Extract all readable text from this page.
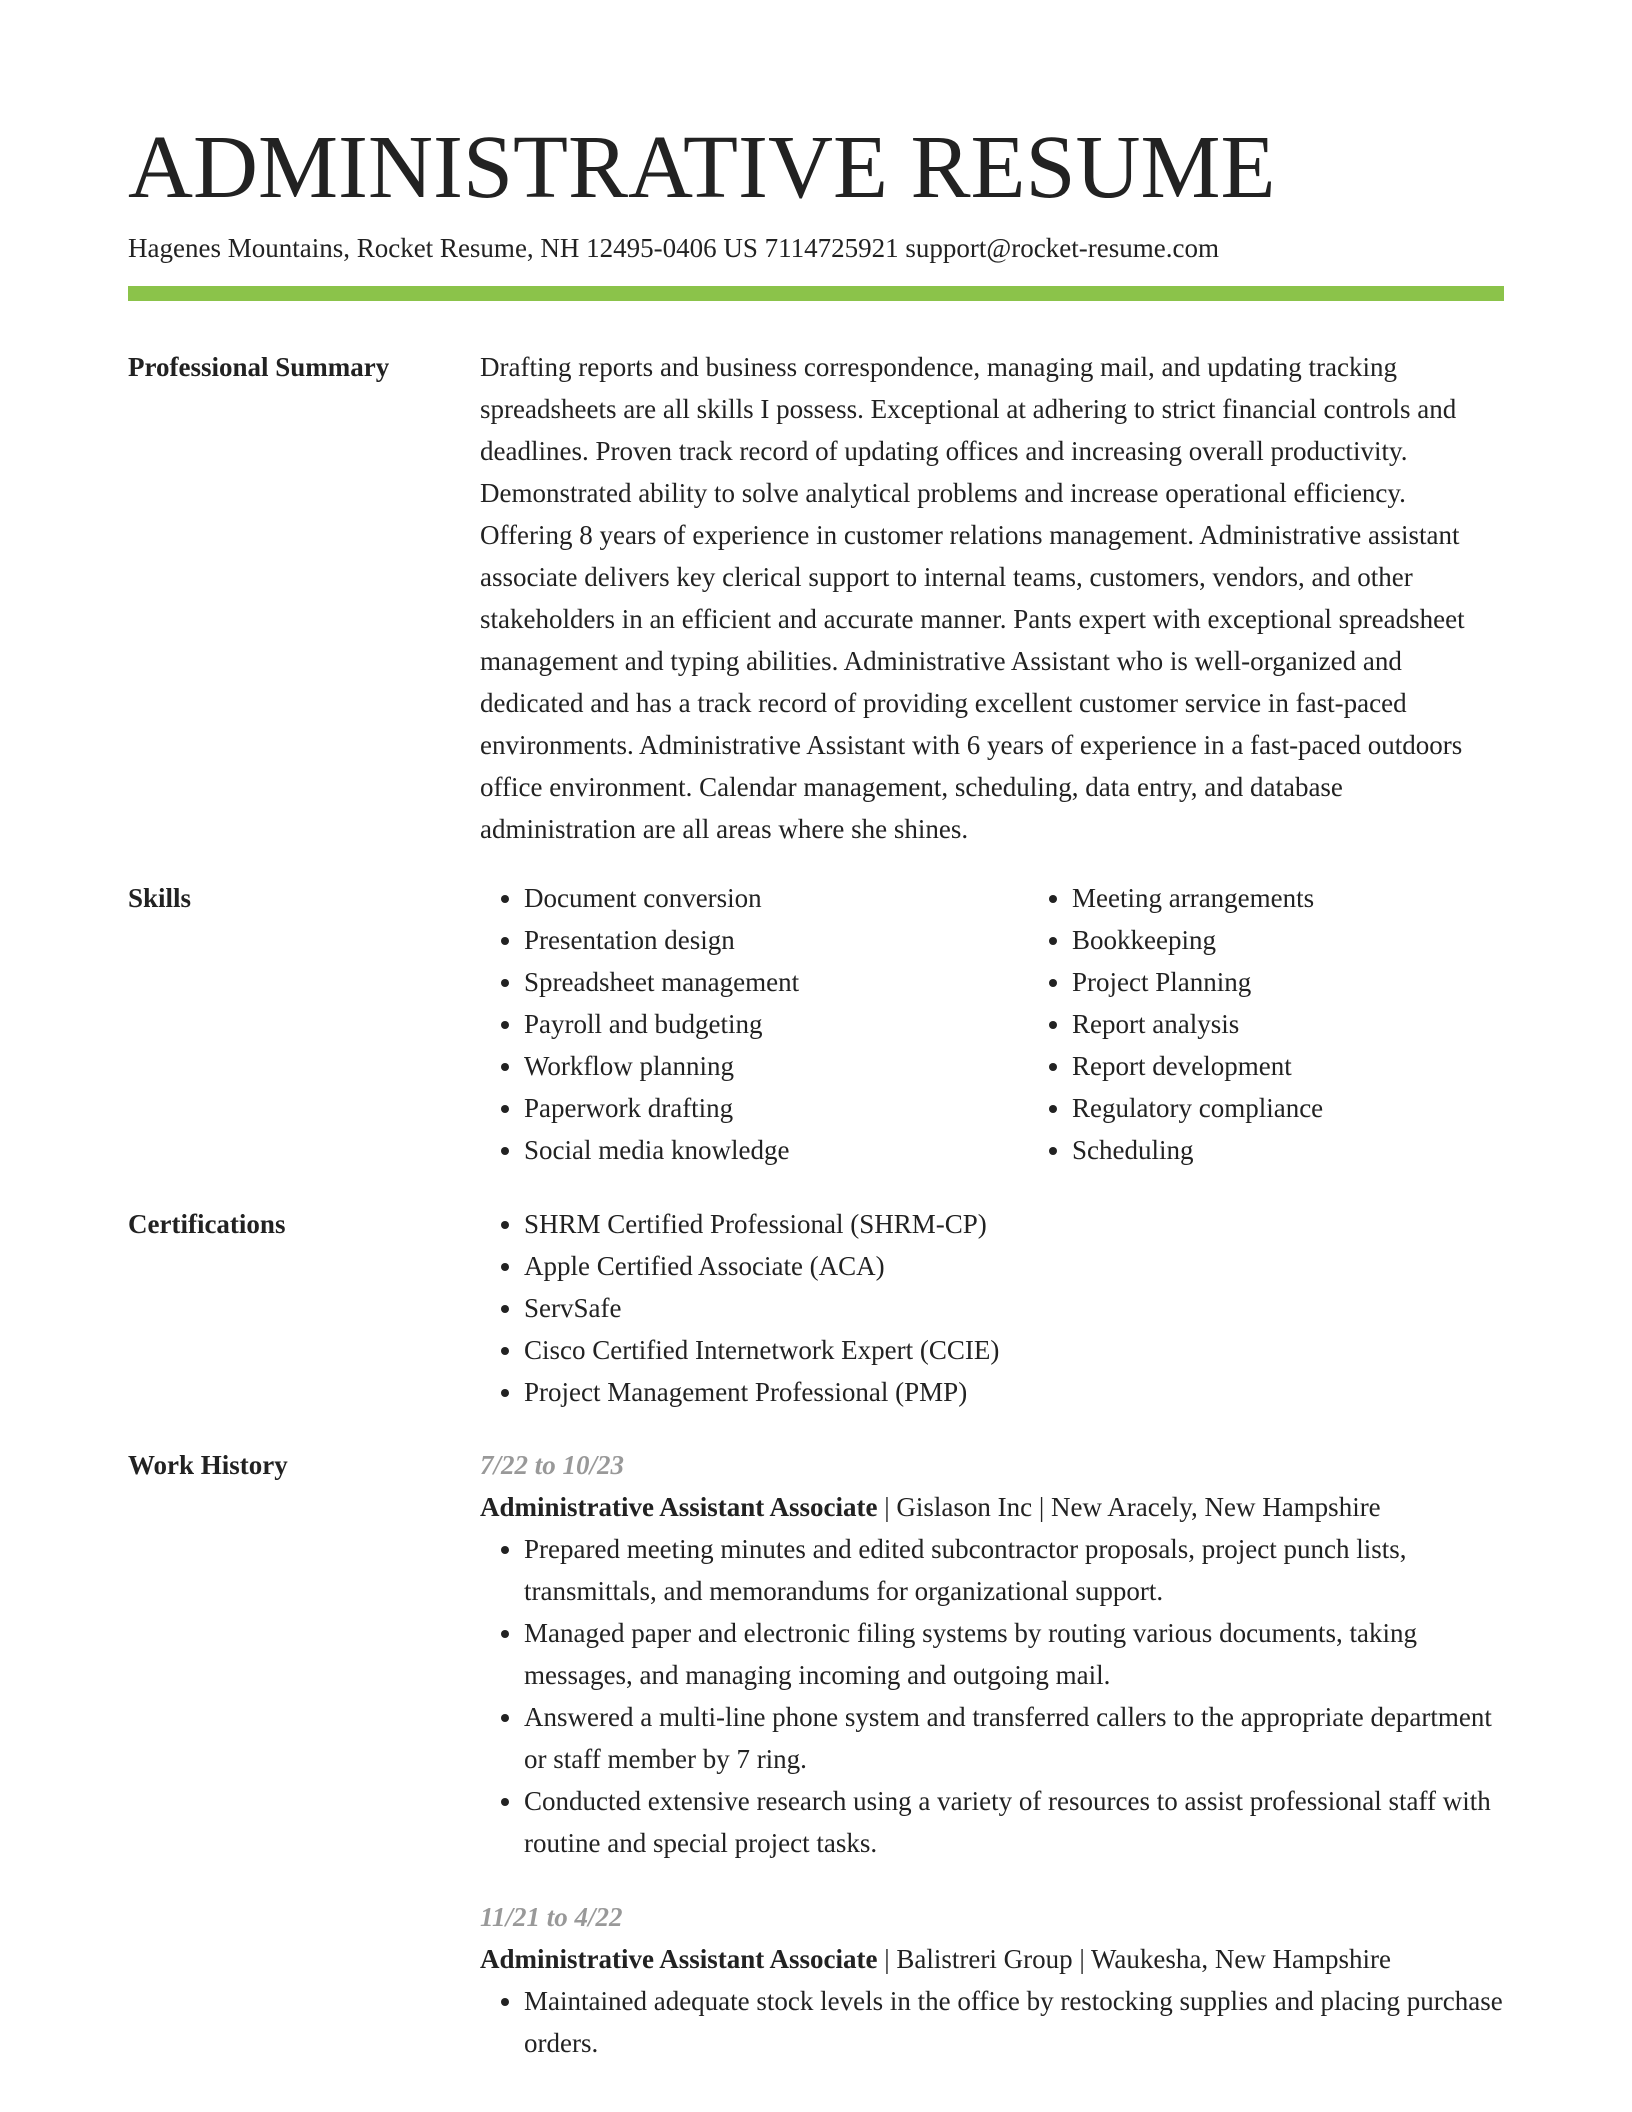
ADMINISTRATIVE RESUME
Hagenes Mountains, Rocket Resume, NH 12495-0406 US 7114725921 support@rocket-resume.com
Professional Summary	Drafting reports and business correspondence, managing mail, and updating tracking spreadsheets are all skills I possess. Exceptional at adhering to strict financial controls and deadlines. Proven track record of updating offices and increasing overall productivity. Demonstrated ability to solve analytical problems and increase operational efficiency. Offering 8 years of experience in customer relations management. Administrative assistant associate delivers key clerical support to internal teams, customers, vendors, and other stakeholders in an efficient and accurate manner. Pants expert with exceptional spreadsheet management and typing abilities. Administrative Assistant who is well-organized and dedicated and has a track record of providing excellent customer service in fast-paced environments. Administrative Assistant with 6 years of experience in a fast-paced outdoors office environment. Calendar management, scheduling, data entry, and database administration are all areas where she shines.

Skills	• Document conversion
• Presentation design
• Spreadsheet management
• Payroll and budgeting
• Workflow planning
• Paperwork drafting
• Social media knowledge
• Meeting arrangements
• Bookkeeping
• Project Planning
• Report analysis
• Report development
• Regulatory compliance
• Scheduling
Certifications	• SHRM Certified Professional (SHRM-CP)
• Apple Certified Associate (ACA)
• ServSafe
• Cisco Certified Internetwork Expert (CCIE)
• Project Management Professional (PMP)
Work History	7/22 to 10/23
Administrative Assistant Associate | Gislason Inc | New Aracely, New Hampshire
• Prepared meeting minutes and edited subcontractor proposals, project punch lists, transmittals, and memorandums for organizational support.
• Managed paper and electronic filing systems by routing various documents, taking messages, and managing incoming and outgoing mail.
• Answered a multi-line phone system and transferred callers to the appropriate department or staff member by 7 ring.
• Conducted extensive research using a variety of resources to assist professional staff with routine and special project tasks.
11/21 to 4/22
Administrative Assistant Associate | Balistreri Group | Waukesha, New Hampshire
• Maintained adequate stock levels in the office by restocking supplies and placing purchase orders.
